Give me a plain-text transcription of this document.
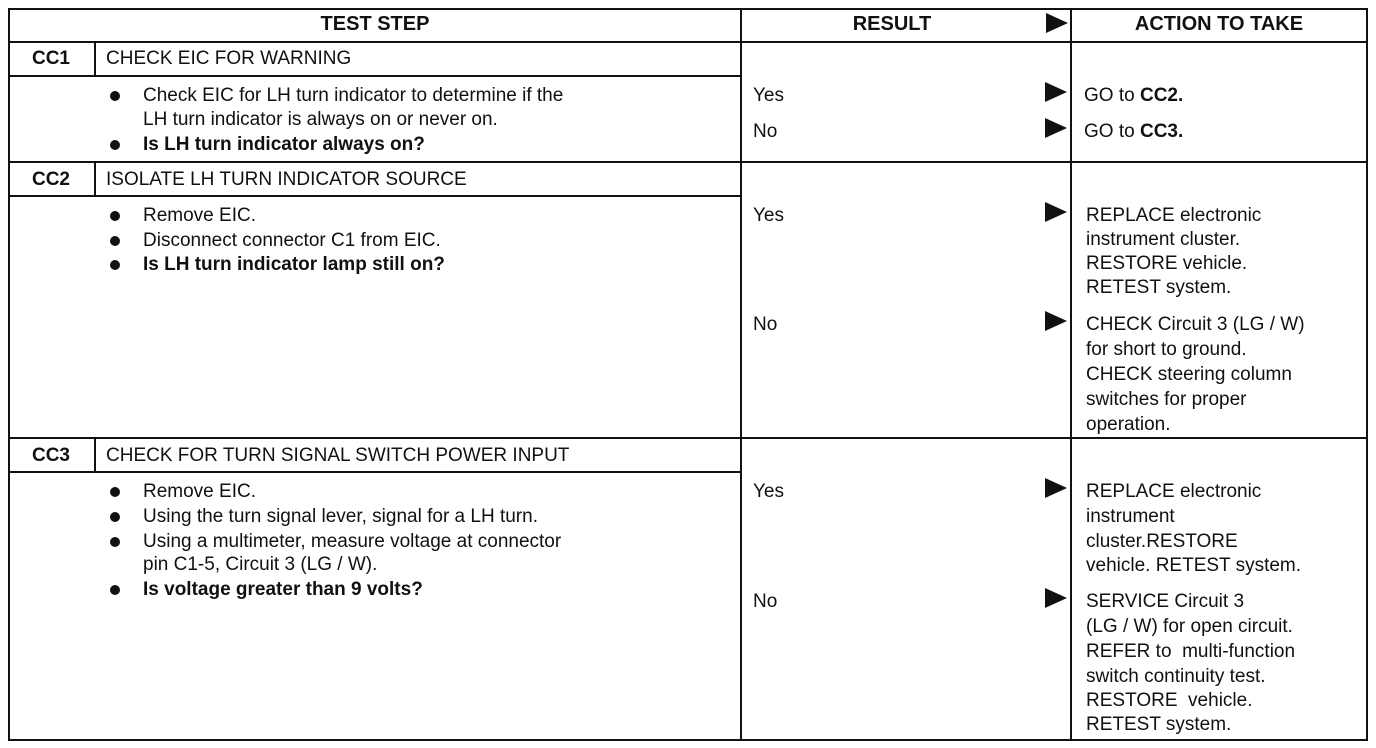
TEST STEP	RESULT	ACTION TO TAKE
CC1	CHECK EIC FOR WARNING
Check EIC for LH turn indicator to determine if the
LH turn indicator is always on or never on.
Is LH turn indicator always on?
Yes	GO to CC2.
No	GO to CC3.
CC2	ISOLATE LH TURN INDICATOR SOURCE
Remove EIC.
Disconnect connector C1 from EIC.
Is LH turn indicator lamp still on?
Yes	REPLACE electronic
instrument cluster.
RESTORE vehicle.
RETEST system.
No	CHECK Circuit 3 (LG / W)
for short to ground.
CHECK steering column
switches for proper
operation.
CC3	CHECK FOR TURN SIGNAL SWITCH POWER INPUT
Remove EIC.
Using the turn signal lever, signal for a LH turn.
Using a multimeter, measure voltage at connector
pin C1-5, Circuit 3 (LG / W).
Is voltage greater than 9 volts?
Yes	REPLACE electronic
instrument
cluster.RESTORE
vehicle. RETEST system.
No	SERVICE Circuit 3
(LG / W) for open circuit.
REFER to  multi-function
switch continuity test.
RESTORE  vehicle.
RETEST system.
